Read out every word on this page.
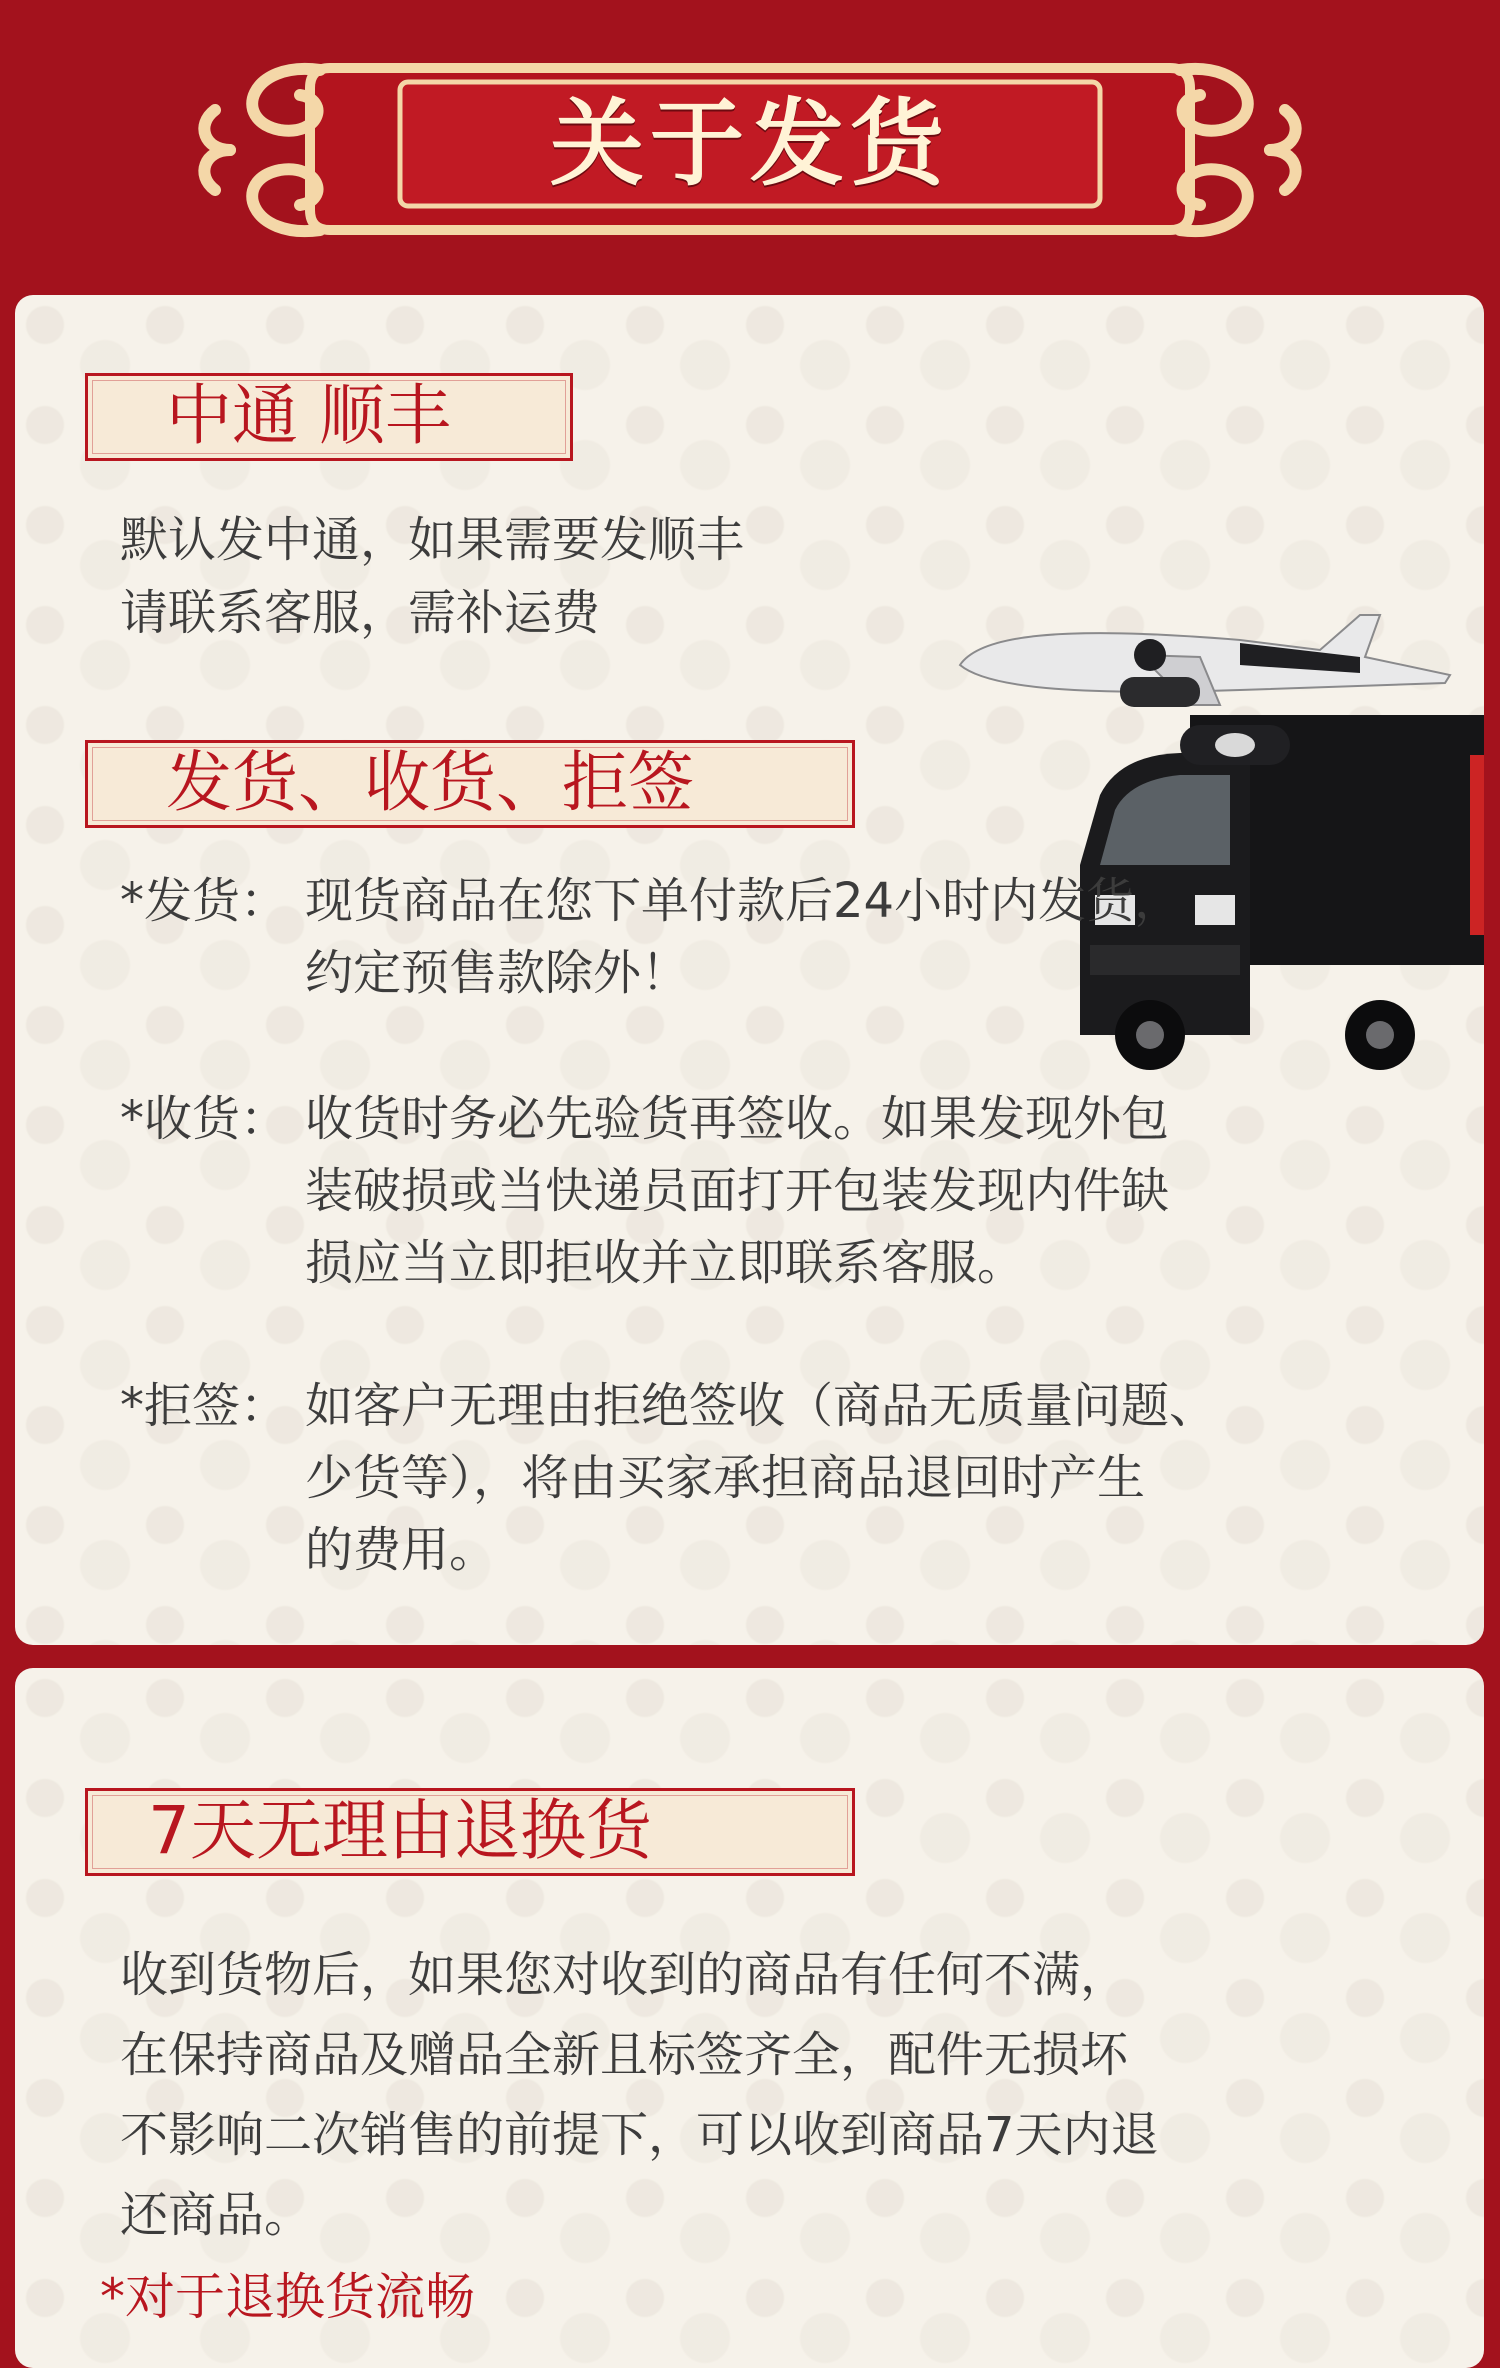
关于发货
中通 顺丰
默认发中通，如果需要发顺丰
请联系客服，需补运费
发货、收货、拒签
*发货： 现货商品在您下单付款后24小时内发货，
约定预售款除外！
*收货： 收货时务必先验货再签收。如果发现外包
装破损或当快递员面打开包装发现内件缺
损应当立即拒收并立即联系客服。
*拒签： 如客户无理由拒绝签收（商品无质量问题、
少货等），将由买家承担商品退回时产生
的费用。
7天无理由退换货
收到货物后，如果您对收到的商品有任何不满，
在保持商品及赠品全新且标签齐全，配件无损坏
不影响二次销售的前提下，可以收到商品7天内退
还商品。
*对于退换货流畅
